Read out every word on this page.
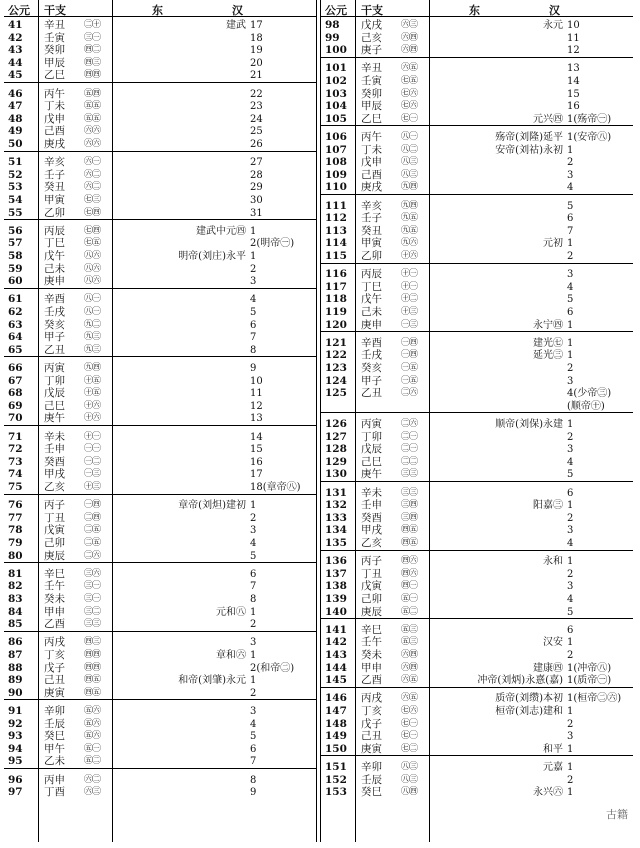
公元 干支	东	汉
41	辛丑	㊁㊉	建武 17
42	壬寅	㊂㊀	18
43	癸卯	㊃㊁	19
44	甲辰	㊃㊂	20
45	乙巳	㊃㊃	21
46	丙午	㊄㊃	22
47	丁未	㊄㊄	23
48	戊申	㊄㊄	24
49	己酉	㊅㊅	25
50	庚戌	㊅㊅	26
51	辛亥	㊅㊀	27
52	壬子	㊅㊁	28
53	癸丑	㊅㊁	29
54	甲寅	㊆㊂	30
55	乙卯	㊆㊃	31
56	丙辰	㊆㊃	建武中元㊃ 1
57	丁巳	㊆㊄	2(明帝㊀)
58	戊午	㊇㊅	明帝(刘庄)永平 1
59	己未	㊇㊅	2
60	庚申	㊇㊅	3
61	辛酉	㊇㊀	4
62	壬戌	㊇㊀	5
63	癸亥	㊈㊁	6
64	甲子	㊈㊂	7
65	乙丑	㊈㊂	8
66	丙寅	㊈㊃	9
67	丁卯	㊉㊄	10
68	戊辰	㊉㊄	11
69	己巳	㊉㊅	12
70	庚午	㊉㊅	13
71	辛未	㊉㊀	14
72	壬申	㊀㊀	15
73	癸酉	㊀㊁	16
74	甲戌	㊀㊂	17
75	乙亥	㊉㊂	18(章帝㊇)
76	丙子	㊀㊃	章帝(刘炟)建初 1
77	丁丑	㊁㊃	2
78	戊寅	㊁㊄	3
79	己卯	㊁㊄	4
80	庚辰	㊁㊅	5
81	辛巳	㊂㊅	6
82	壬午	㊂㊀	7
83	癸未	㊂㊀	8
84	甲申	㊂㊁	元和㊇ 1
85	乙酉	㊂㊂	2
86	丙戌	㊃㊂	3
87	丁亥	㊃㊃	章和㊅ 1
88	戊子	㊃㊃	2(和帝㊁)
89	己丑	㊃㊄	和帝(刘肇)永元 1
90	庚寅	㊃㊄	2
91	辛卯	㊄㊅	3
92	壬辰	㊄㊅	4
93	癸巳	㊄㊅	5
94	甲午	㊄㊀	6
95	乙未	㊄㊁	7
96	丙申	㊅㊁	8
97	丁酉	㊅㊂	9
公元 干支	东	汉
98	戊戌	㊅㊂	永元 10
99	己亥	㊅㊃	11
100	庚子	㊅㊃	12
101	辛丑	㊅㊄	13
102	壬寅	㊆㊄	14
103	癸卯	㊆㊅	15
104	甲辰	㊆㊅	16
105	乙巳	㊆㊀	元兴㊃ 1(殇帝㊀)
106	丙午	㊇㊀	殇帝(刘隆)延平 1(安帝㊇)
107	丁未	㊇㊁	安帝(刘祜)永初 1
108	戊申	㊇㊂	2
109	己酉	㊇㊂	3
110	庚戌	㊈㊃	4
111	辛亥	㊈㊃	5
112	壬子	㊈㊄	6
113	癸丑	㊈㊄	7
114	甲寅	㊈㊅	元初 1
115	乙卯	㊉㊅	2
116	丙辰	㊉㊀	3
117	丁巳	㊉㊀	4
118	戊午	㊉㊁	5
119	己未	㊉㊂	6
120	庚申	㊀㊂	永宁㊃ 1
121	辛酉	㊀㊃	建光㊆ 1
122	壬戌	㊀㊃	延光㊂ 1
123	癸亥	㊀㊄	2
124	甲子	㊀㊄	3
125	乙丑	㊁㊅	4(少帝㊂)
(顺帝㊉)
126	丙寅	㊁㊅	顺帝(刘保)永建 1
127	丁卯	㊁㊀	2
128	戊辰	㊁㊀	3
129	己巳	㊁㊁	4
130	庚午	㊂㊂	5
131	辛未	㊂㊂	6
132	壬申	㊂㊃	阳嘉㊂ 1
133	癸酉	㊂㊃	2
134	甲戌	㊃㊄	3
135	乙亥	㊃㊄	4
136	丙子	㊃㊅	永和 1
137	丁丑	㊃㊅	2
138	戊寅	㊃㊀	3
139	己卯	㊄㊀	4
140	庚辰	㊄㊁	5
141	辛巳	㊄㊂	6
142	壬午	㊄㊂	汉安 1
143	癸未	㊅㊃	2
144	甲申	㊅㊃	建康㊃ 1(冲帝㊇)
145	乙酉	㊅㊄	冲帝(刘炳)永憙(嘉) 1(质帝㊀)
146	丙戌	㊅㊄	质帝(刘缵)本初 1(桓帝㊁㊅)
147	丁亥	㊆㊅	桓帝(刘志)建和 1
148	戊子	㊆㊀	2
149	己丑	㊆㊀	3
150	庚寅	㊆㊁	和平 1
151	辛卯	㊇㊂	元嘉 1
152	壬辰	㊇㊂	2
153	癸巳	㊇㊃	永兴㊅ 1
古籍
